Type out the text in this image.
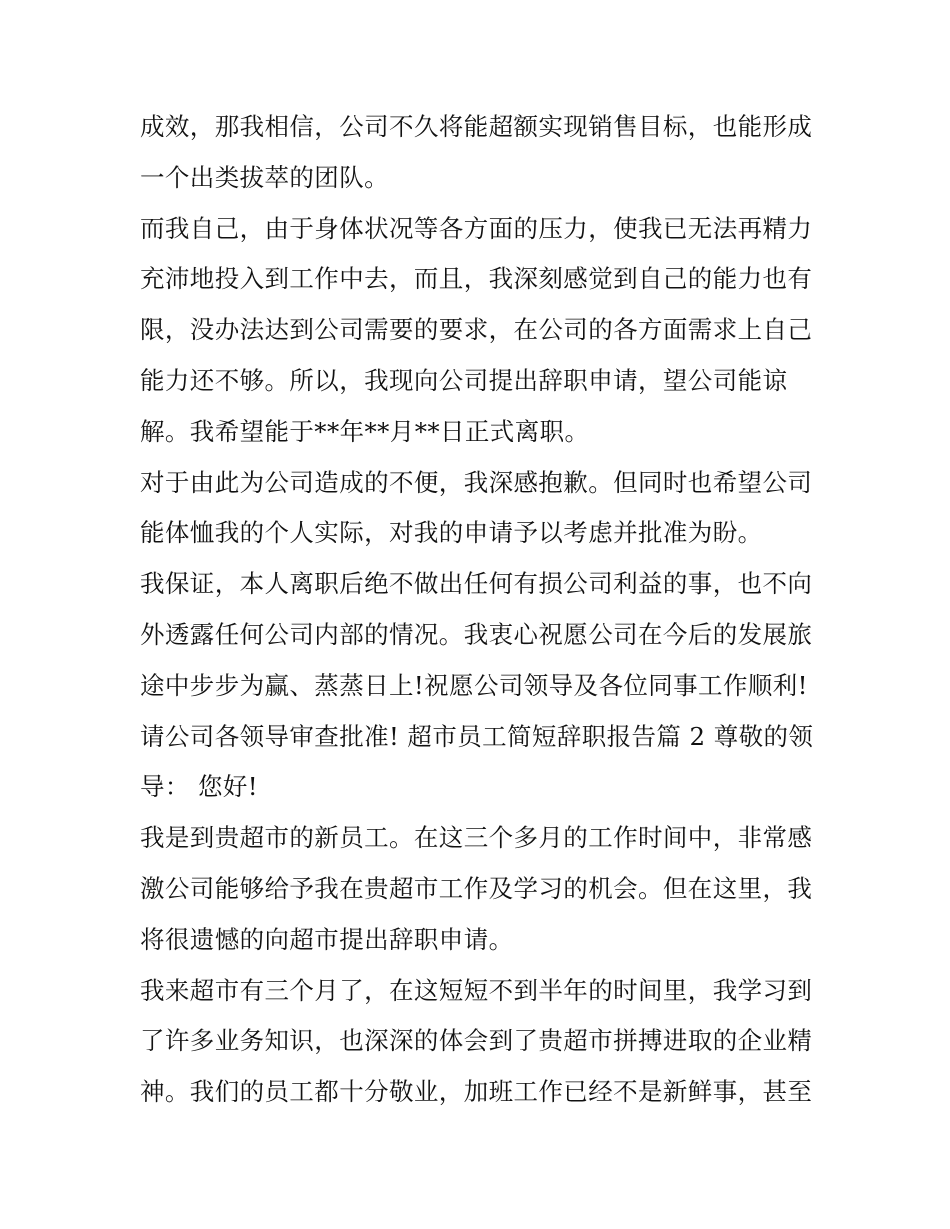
成效，那我相信，公司不久将能超额实现销售目标，也能形成
一个出类拔萃的团队。
而我自己，由于身体状况等各方面的压力，使我已无法再精力
充沛地投入到工作中去，而且，我深刻感觉到自己的能力也有
限，没办法达到公司需要的要求，在公司的各方面需求上自己
能力还不够。所以，我现向公司提出辞职申请，望公司能谅
解。我希望能于**年**月**日正式离职。
对于由此为公司造成的不便，我深感抱歉。但同时也希望公司
能体恤我的个人实际，对我的申请予以考虑并批准为盼。
我保证，本人离职后绝不做出任何有损公司利益的事，也不向
外透露任何公司内部的情况。我衷心祝愿公司在今后的发展旅
途中步步为赢、蒸蒸日上!祝愿公司领导及各位同事工作顺利!
请公司各领导审查批准! 超市员工简短辞职报告篇 2 尊敬的领
导： 您好!
我是到贵超市的新员工。在这三个多月的工作时间中，非常感
激公司能够给予我在贵超市工作及学习的机会。但在这里，我
将很遗憾的向超市提出辞职申请。
我来超市有三个月了，在这短短不到半年的时间里，我学习到
了许多业务知识，也深深的体会到了贵超市拼搏进取的企业精
神。我们的员工都十分敬业，加班工作已经不是新鲜事，甚至
